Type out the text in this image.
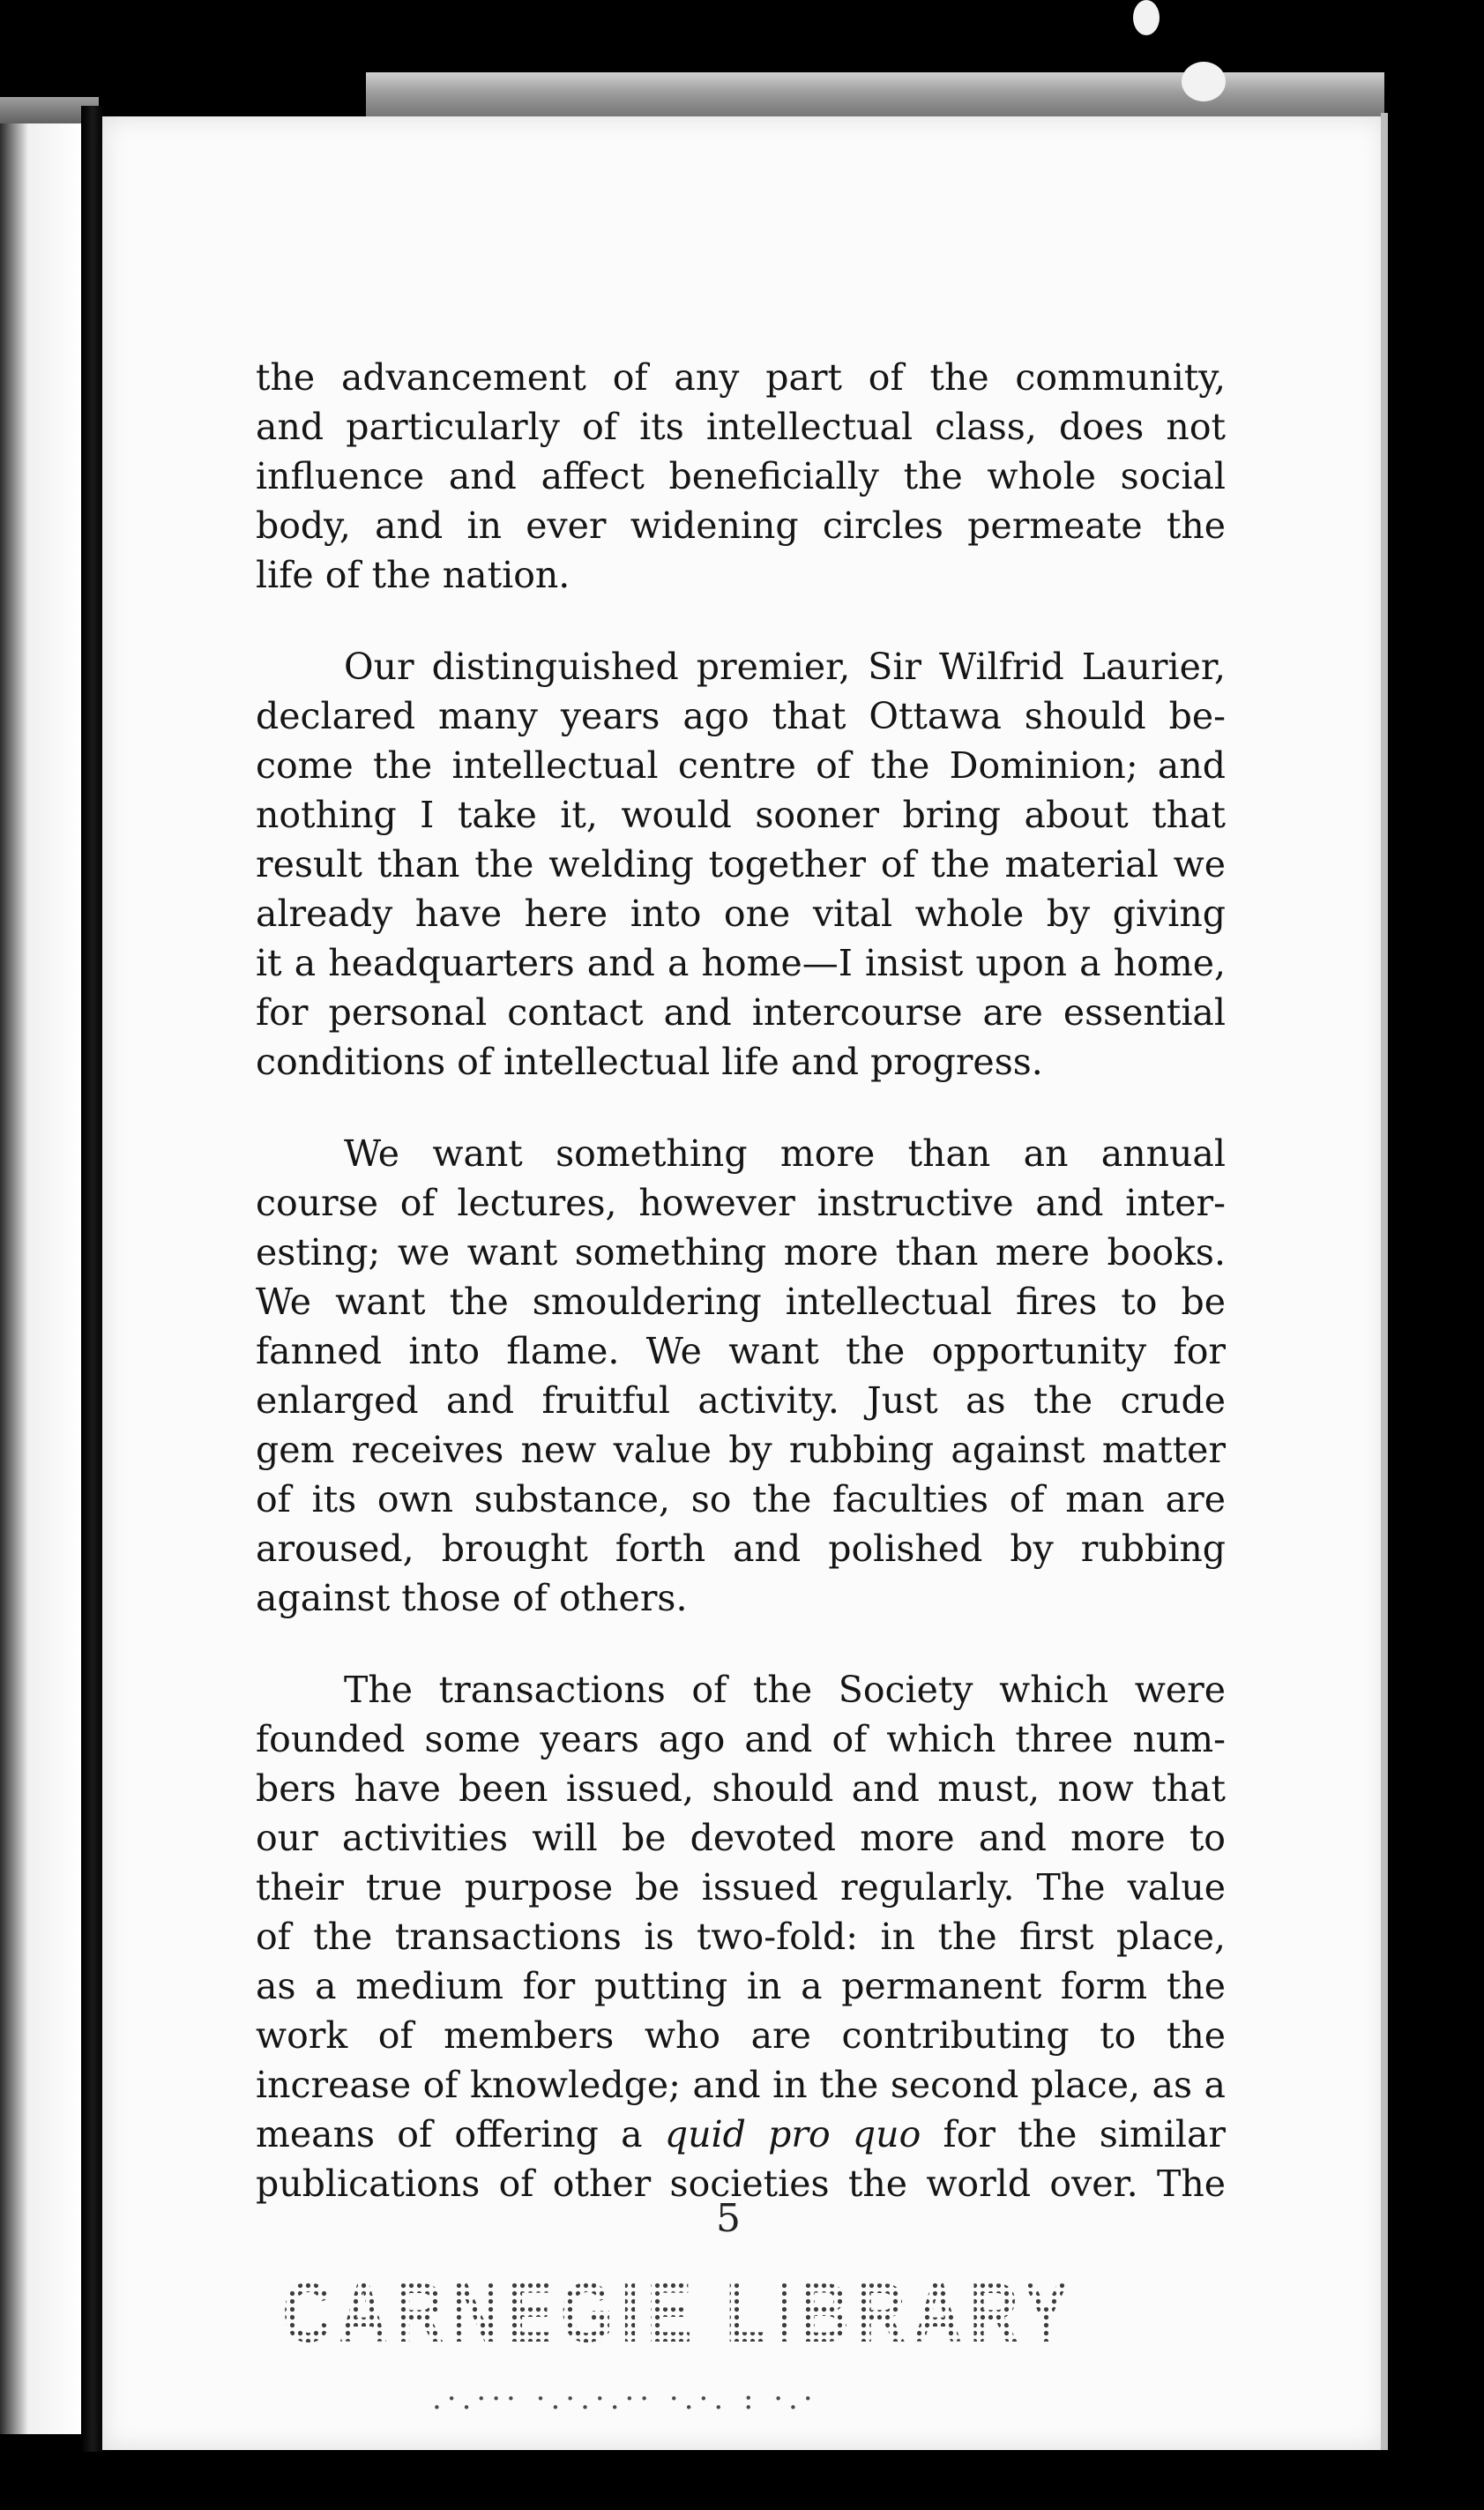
the advancement of any part of the community,
and particularly of its intellectual class, does not
influence and affect beneficially the whole social
body, and in ever widening circles permeate the
life of the nation.

Our distinguished premier, Sir Wilfrid Laurier,
declared many years ago that Ottawa should be-
come the intellectual centre of the Dominion; and
nothing I take it, would sooner bring about that
result than the welding together of the material we
already have here into one vital whole by giving
it a headquarters and a home—I insist upon a home,
for personal contact and intercourse are essential
conditions of intellectual life and progress.

We want something more than an annual
course of lectures, however instructive and inter-
esting; we want something more than mere books.
We want the smouldering intellectual fires to be
fanned into flame. We want the opportunity for
enlarged and fruitful activity. Just as the crude
gem receives new value by rubbing against matter
of its own substance, so the faculties of man are
aroused, brought forth and polished by rubbing
against those of others.

The transactions of the Society which were
founded some years ago and of which three num-
bers have been issued, should and must, now that
our activities will be devoted more and more to
their true purpose be issued regularly. The value
of the transactions is two-fold: in the first place,
as a medium for putting in a permanent form the
work of members who are contributing to the
increase of knowledge; and in the second place, as a
means of offering a quid pro quo for the similar
publications of other societies the world over. The

5
CARNEGIE LIBRARY
.·.··· ·.·.·.·· ·.·. : ·.·
